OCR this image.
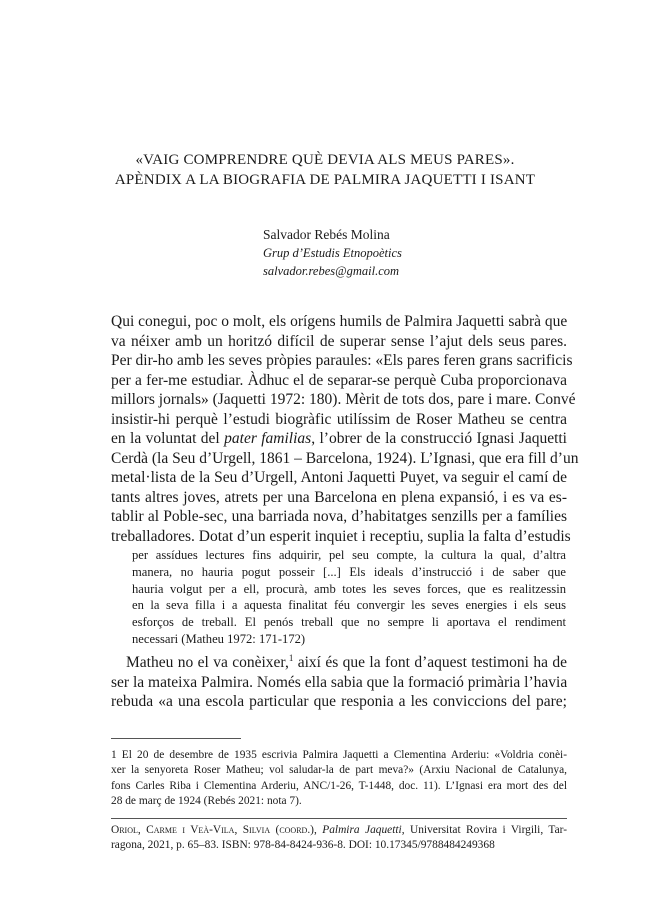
«VAIG COMPRENDRE QUÈ DEVIA ALS MEUS PARES».
APÈNDIX A LA BIOGRAFIA DE PALMIRA JAQUETTI I ISANT
Salvador Rebés Molina
Grup d’Estudis Etnopoètics
salvador.rebes@gmail.com
Qui conegui, poc o molt, els orígens humils de Palmira Jaquetti sabrà que
va néixer amb un horitzó difícil de superar sense l’ajut dels seus pares.
Per dir-ho amb les seves pròpies paraules: «Els pares feren grans sacrificis
per a fer-me estudiar. Àdhuc el de separar-se perquè Cuba proporcionava
millors jornals» (Jaquetti 1972: 180). Mèrit de tots dos, pare i mare. Convé
insistir-hi perquè l’estudi biogràfic utilíssim de Roser Matheu se centra
en la voluntat del pater familias, l’obrer de la construcció Ignasi Jaquetti
Cerdà (la Seu d’Urgell, 1861 – Barcelona, 1924). L’Ignasi, que era fill d’un
metal·lista de la Seu d’Urgell, Antoni Jaquetti Puyet, va seguir el camí de
tants altres joves, atrets per una Barcelona en plena expansió, i es va es-
tablir al Poble-sec, una barriada nova, d’habitatges senzills per a famílies
treballadores. Dotat d’un esperit inquiet i receptiu, suplia la falta d’estudis
per assídues lectures fins adquirir, pel seu compte, la cultura la qual, d’altra
manera, no hauria pogut posseir [...] Els ideals d’instrucció i de saber que
hauria volgut per a ell, procurà, amb totes les seves forces, que es realitzessin
en la seva filla i a aquesta finalitat féu convergir les seves energies i els seus
esforços de treball. El penós treball que no sempre li aportava el rendiment
necessari (Matheu 1972: 171-172)
Matheu no el va conèixer,$^1$ així és que la font d’aquest testimoni ha de
ser la mateixa Palmira. Només ella sabia que la formació primària l’havia
rebuda «a una escola particular que responia a les conviccions del pare;
1 El 20 de desembre de 1935 escrivia Palmira Jaquetti a Clementina Arderiu: «Voldria conèi-
xer la senyoreta Roser Matheu; vol saludar-la de part meva?» (Arxiu Nacional de Catalunya,
fons Carles Riba i Clementina Arderiu, ANC/1-26, T-1448, doc. 11). L’Ignasi era mort des del
28 de març de 1924 (Rebés 2021: nota 7).
Oriol, Carme i Veà-Vila, Silvia (coord.), Palmira Jaquetti, Universitat Rovira i Virgili, Tar-
ragona, 2021, p. 65–83. ISBN: 978-84-8424-936-8. DOI: 10.17345/9788484249368
